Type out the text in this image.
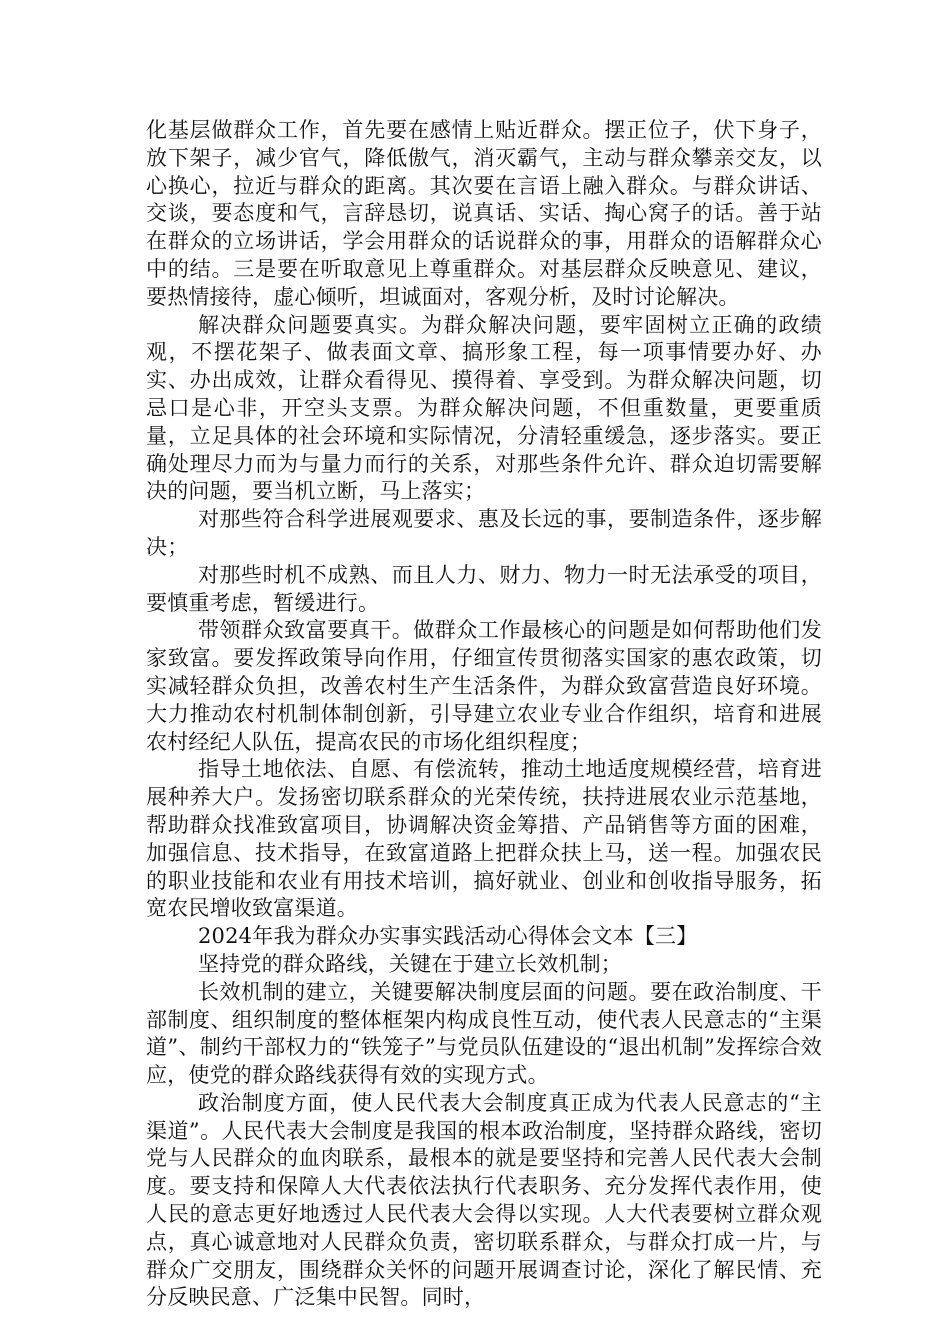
化基层做群众工作，首先要在感情上贴近群众。摆正位子，伏下身子，放下架子，减少官气，降低傲气，消灭霸气，主动与群众攀亲交友，以心换心，拉近与群众的距离。其次要在言语上融入群众。与群众讲话、交谈，要态度和气，言辞恳切，说真话、实话、掏心窝子的话。善于站在群众的立场讲话，学会用群众的话说群众的事，用群众的语解群众心中的结。三是要在听取意见上尊重群众。对基层群众反映意见、建议，要热情接待，虚心倾听，坦诚面对，客观分析，及时讨论解决。

解决群众问题要真实。为群众解决问题，要牢固树立正确的政绩观，不摆花架子、做表面文章、搞形象工程，每一项事情要办好、办实、办出成效，让群众看得见、摸得着、享受到。为群众解决问题，切忌口是心非，开空头支票。为群众解决问题，不但重数量，更要重质量，立足具体的社会环境和实际情况，分清轻重缓急，逐步落实。要正确处理尽力而为与量力而行的关系，对那些条件允许、群众迫切需要解决的问题，要当机立断，马上落实；

对那些符合科学进展观要求、惠及长远的事，要制造条件，逐步解决；

对那些时机不成熟、而且人力、财力、物力一时无法承受的项目，要慎重考虑，暂缓进行。

带领群众致富要真干。做群众工作最核心的问题是如何帮助他们发家致富。要发挥政策导向作用，仔细宣传贯彻落实国家的惠农政策，切实减轻群众负担，改善农村生产生活条件，为群众致富营造良好环境。大力推动农村机制体制创新，引导建立农业专业合作组织，培育和进展农村经纪人队伍，提高农民的市场化组织程度；

指导土地依法、自愿、有偿流转，推动土地适度规模经营，培育进展种养大户。发扬密切联系群众的光荣传统，扶持进展农业示范基地，帮助群众找准致富项目，协调解决资金筹措、产品销售等方面的困难，加强信息、技术指导，在致富道路上把群众扶上马，送一程。加强农民的职业技能和农业有用技术培训，搞好就业、创业和创收指导服务，拓宽农民增收致富渠道。

2024年我为群众办实事实践活动心得体会文本【三】

坚持党的群众路线，关键在于建立长效机制；

长效机制的建立，关键要解决制度层面的问题。要在政治制度、干部制度、组织制度的整体框架内构成良性互动，使代表人民意志的“主渠道”、制约干部权力的“铁笼子”与党员队伍建设的“退出机制”发挥综合效应，使党的群众路线获得有效的实现方式。

政治制度方面，使人民代表大会制度真正成为代表人民意志的“主渠道”。人民代表大会制度是我国的根本政治制度，坚持群众路线，密切党与人民群众的血肉联系，最根本的就是要坚持和完善人民代表大会制度。要支持和保障人大代表依法执行代表职务、充分发挥代表作用，使人民的意志更好地透过人民代表大会得以实现。人大代表要树立群众观点，真心诚意地对人民群众负责，密切联系群众，与群众打成一片，与群众广交朋友，围绕群众关怀的问题开展调查讨论，深化了解民情、充分反映民意、广泛集中民智。同时，
